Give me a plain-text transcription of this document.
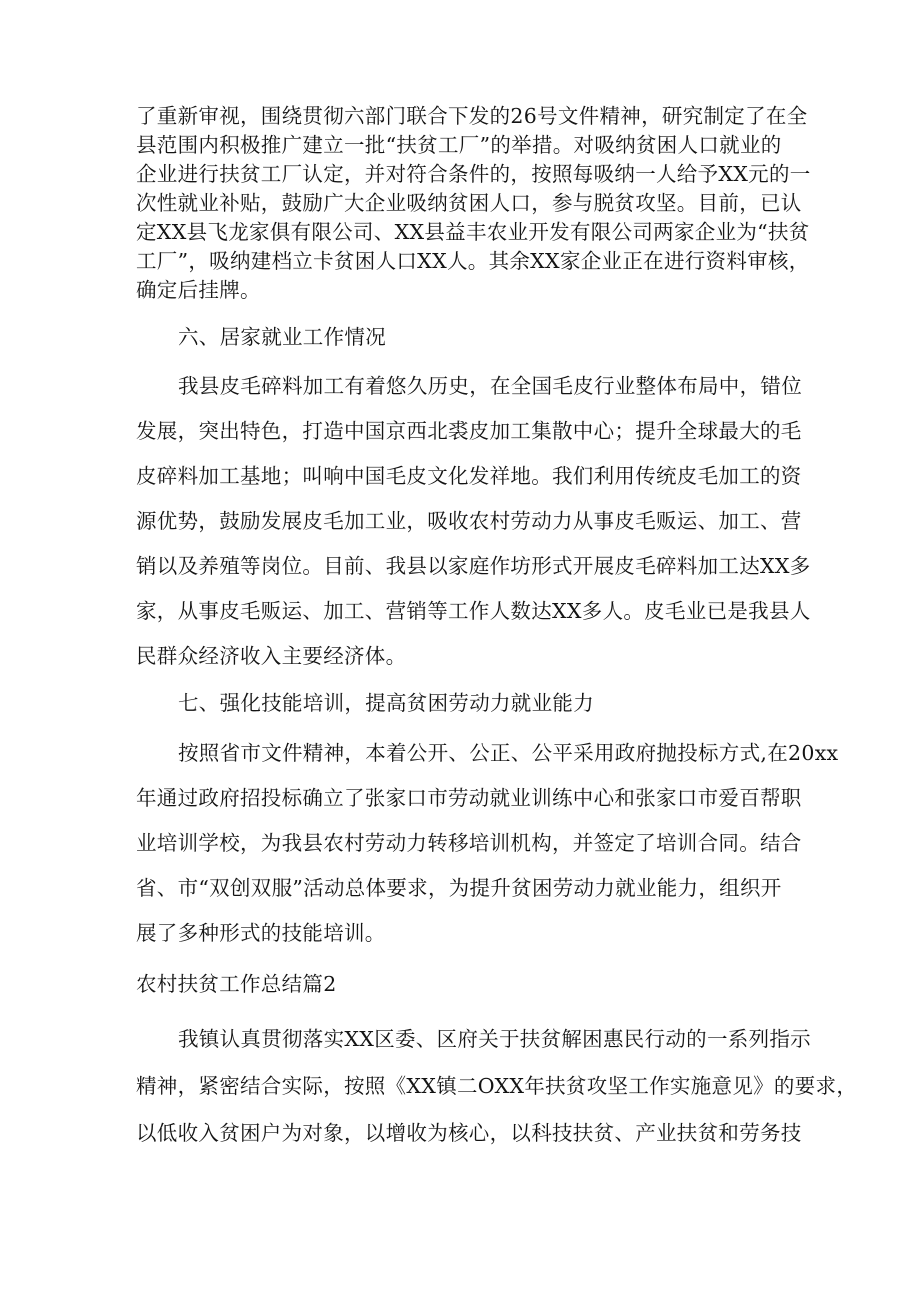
了重新审视，围绕贯彻六部门联合下发的26号文件精神，研究制定了在全
县范围内积极推广建立一批“扶贫工厂”的举措。对吸纳贫困人口就业的
企业进行扶贫工厂认定，并对符合条件的，按照每吸纳一人给予XX元的一
次性就业补贴，鼓励广大企业吸纳贫困人口，参与脱贫攻坚。目前，已认
定XX县飞龙家俱有限公司、XX县益丰农业开发有限公司两家企业为“扶贫
工厂”，吸纳建档立卡贫困人口XX人。其余XX家企业正在进行资料审核，
确定后挂牌。
六、居家就业工作情况
我县皮毛碎料加工有着悠久历史，在全国毛皮行业整体布局中，错位
发展，突出特色，打造中国京西北裘皮加工集散中心；提升全球最大的毛
皮碎料加工基地；叫响中国毛皮文化发祥地。我们利用传统皮毛加工的资
源优势，鼓励发展皮毛加工业，吸收农村劳动力从事皮毛贩运、加工、营
销以及养殖等岗位。目前、我县以家庭作坊形式开展皮毛碎料加工达XX多
家，从事皮毛贩运、加工、营销等工作人数达XX多人。皮毛业已是我县人
民群众经济收入主要经济体。
七、强化技能培训，提高贫困劳动力就业能力
按照省市文件精神，本着公开、公正、公平采用政府抛投标方式,在20xx
年通过政府招投标确立了张家口市劳动就业训练中心和张家口市爱百帮职
业培训学校，为我县农村劳动力转移培训机构，并签定了培训合同。结合
省、市“双创双服”活动总体要求，为提升贫困劳动力就业能力，组织开
展了多种形式的技能培训。
农村扶贫工作总结篇2
我镇认真贯彻落实XX区委、区府关于扶贫解困惠民行动的一系列指示
精神，紧密结合实际，按照《XX镇二OXX年扶贫攻坚工作实施意见》的要求，
以低收入贫困户为对象，以增收为核心，以科技扶贫、产业扶贫和劳务技
